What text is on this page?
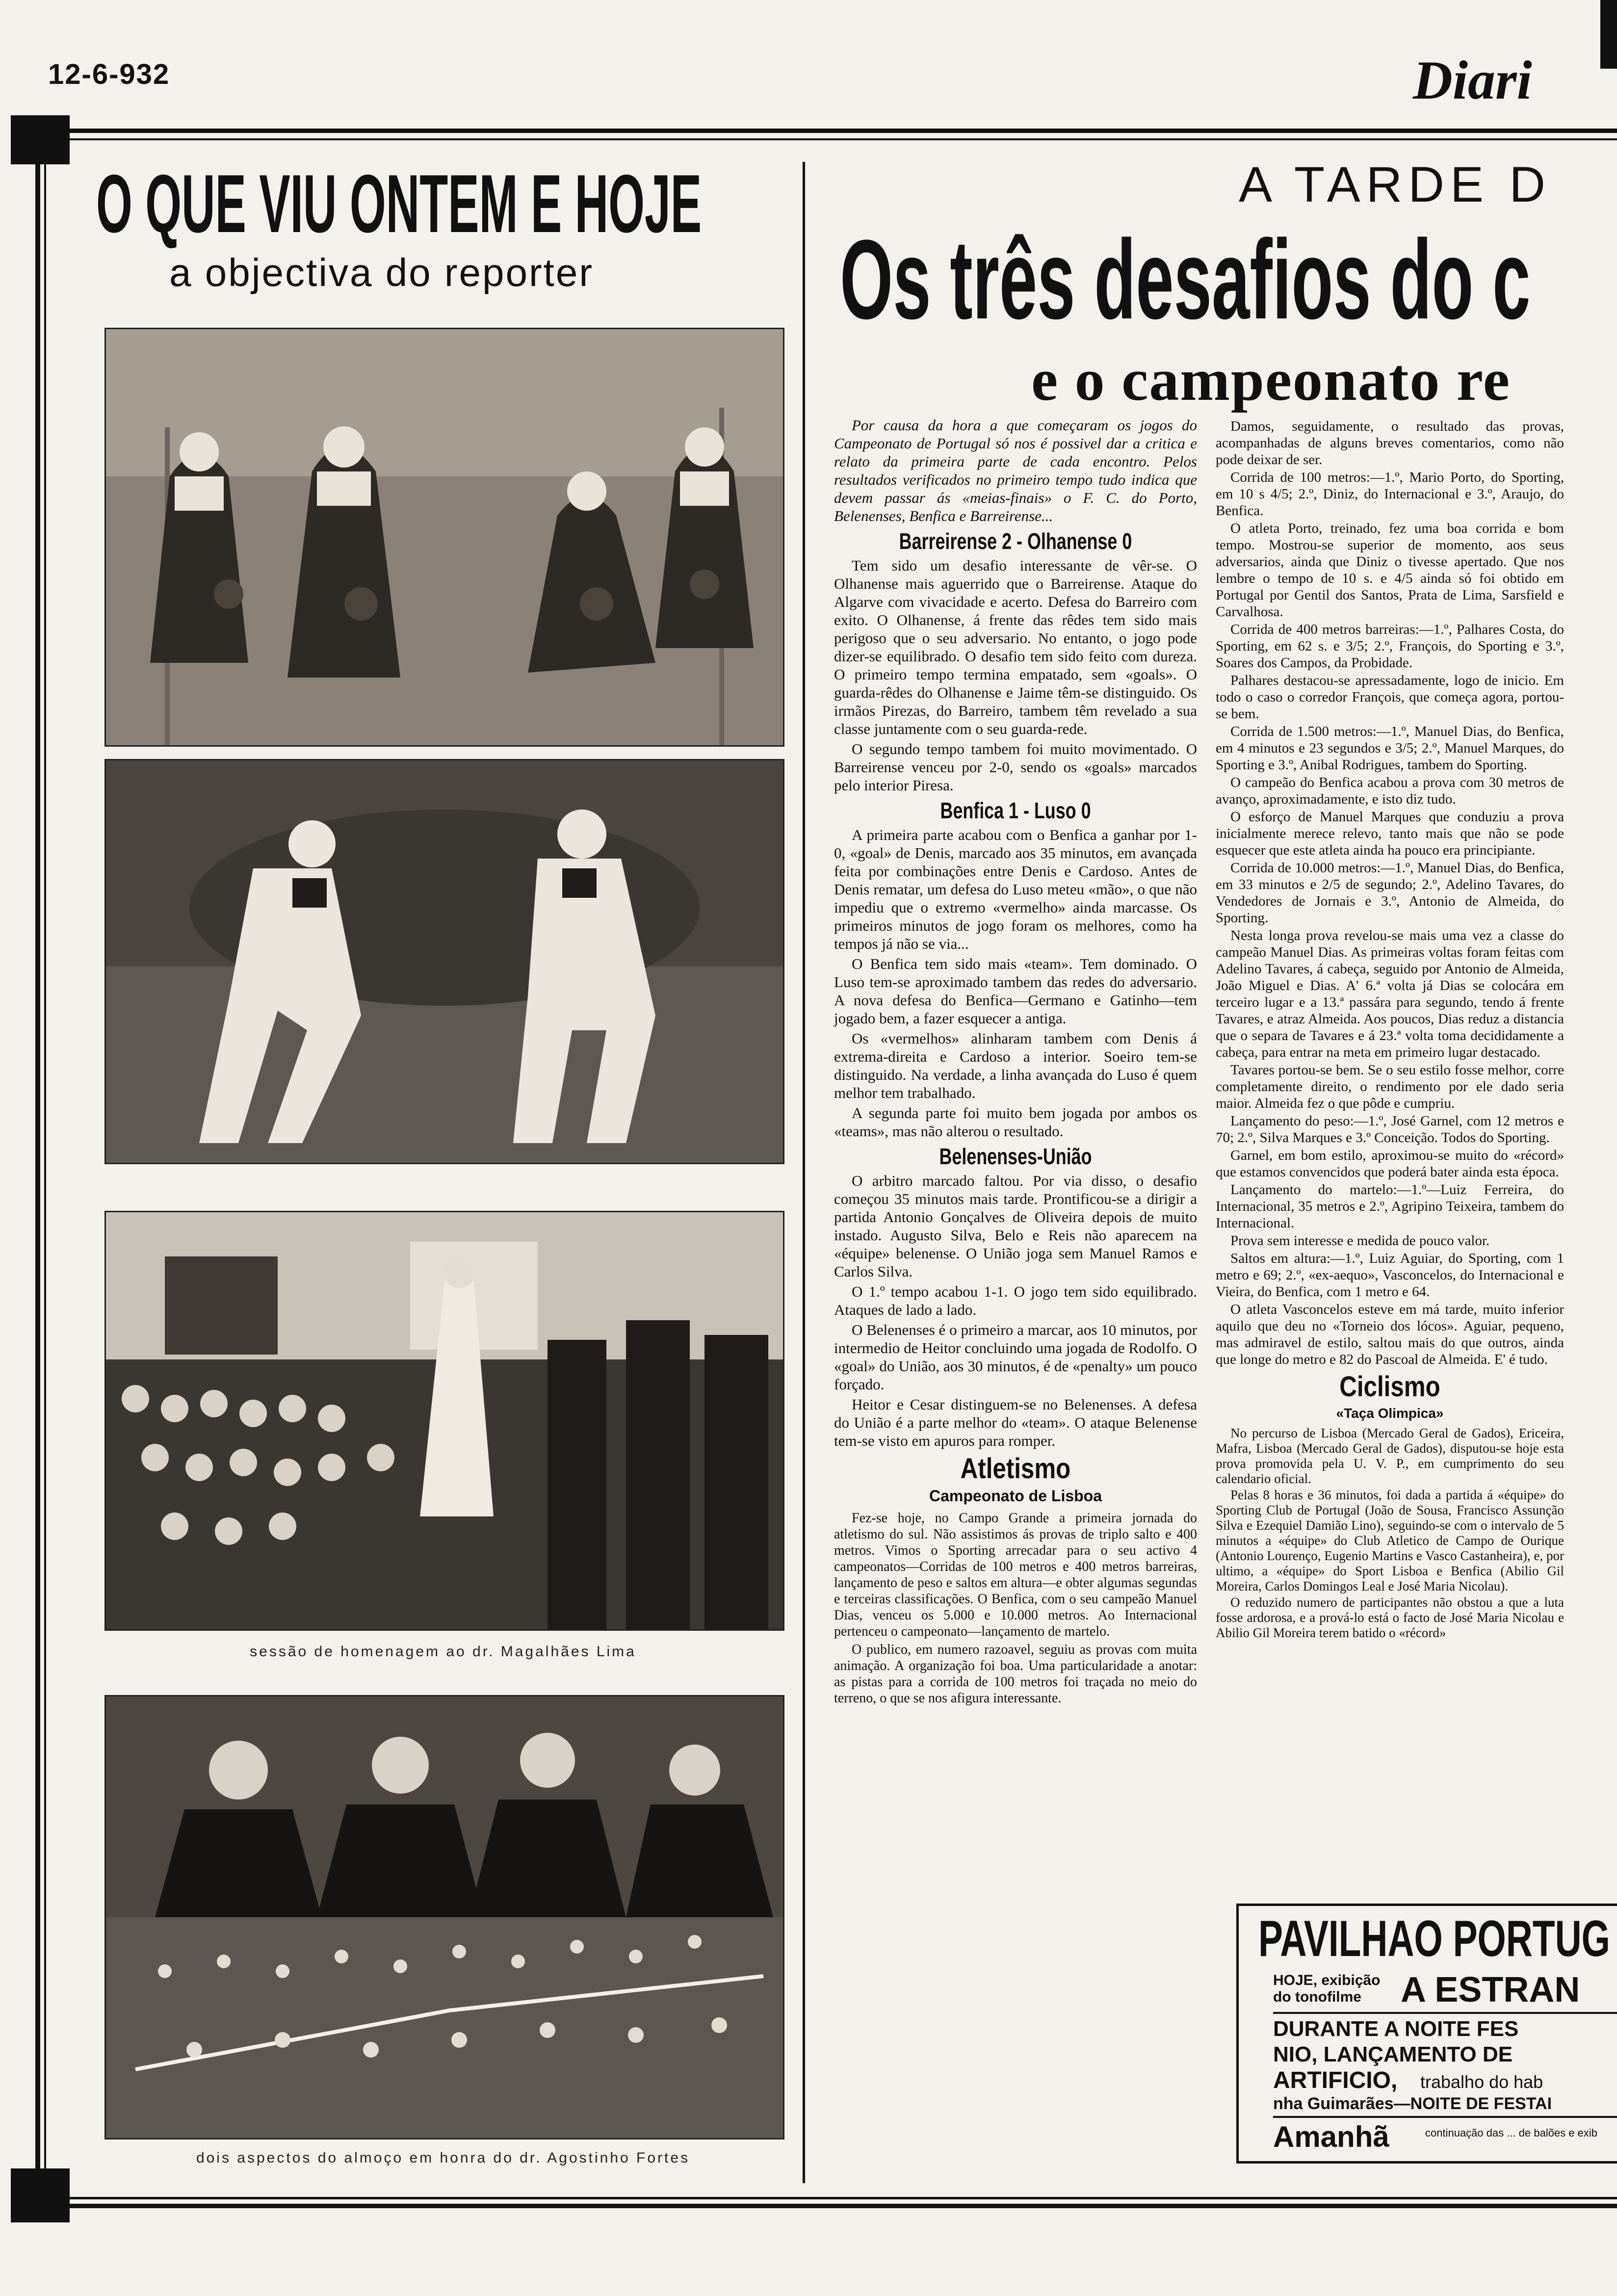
12-6-932	Diari
O QUE VIU ONTEM E HOJE
a objectiva do reporter
sessão de homenagem ao dr. Magalhães Lima
dois aspectos do almoço em honra do dr. Agostinho Fortes
A TARDE D
Os três desafios do c
e o campeonato re

Por causa da hora a que começaram os jogos do Campeonato de Portugal só nos é possivel dar a critica e relato da primeira parte de cada encontro. Pelos resultados verificados no primeiro tempo tudo indica que devem passar ás «meias-finais» o F. C. do Porto, Belenenses, Benfica e Barreirense...

Barreirense 2 - Olhanense 0

Tem sido um desafio interessante de vêr-se. O Olhanense mais aguerrido que o Barreirense. Ataque do Algarve com vivacidade e acerto. Defesa do Barreiro com exito. O Olhanense, á frente das rêdes tem sido mais perigoso que o seu adversario. No entanto, o jogo pode dizer-se equilibrado. O desafio tem sido feito com dureza. O primeiro tempo termina empatado, sem «goals». O guarda-rêdes do Olhanense e Jaime têm-se distinguido. Os irmãos Pirezas, do Barreiro, tambem têm revelado a sua classe juntamente com o seu guarda-rede.

O segundo tempo tambem foi muito movimentado. O Barreirense venceu por 2-0, sendo os «goals» marcados pelo interior Piresa.

Benfica 1 - Luso 0

A primeira parte acabou com o Benfica a ganhar por 1-0, «goal» de Denis, marcado aos 35 minutos, em avançada feita por combinações entre Denis e Cardoso. Antes de Denis rematar, um defesa do Luso meteu «mão», o que não impediu que o extremo «vermelho» ainda marcasse. Os primeiros minutos de jogo foram os melhores, como ha tempos já não se via...

O Benfica tem sido mais «team». Tem dominado. O Luso tem-se aproximado tambem das redes do adversario. A nova defesa do Benfica—Germano e Gatinho—tem jogado bem, a fazer esquecer a antiga.

Os «vermelhos» alinharam tambem com Denis á extrema-direita e Cardoso a interior. Soeiro tem-se distinguido. Na verdade, a linha avançada do Luso é quem melhor tem trabalhado.

A segunda parte foi muito bem jogada por ambos os «teams», mas não alterou o resultado.

Belenenses-União

O arbitro marcado faltou. Por via disso, o desafio começou 35 minutos mais tarde. Prontificou-se a dirigir a partida Antonio Gonçalves de Oliveira depois de muito instado. Augusto Silva, Belo e Reis não aparecem na «équipe» belenense. O União joga sem Manuel Ramos e Carlos Silva.

O 1.º tempo acabou 1-1. O jogo tem sido equilibrado. Ataques de lado a lado.

O Belenenses é o primeiro a marcar, aos 10 minutos, por intermedio de Heitor concluindo uma jogada de Rodolfo. O «goal» do União, aos 30 minutos, é de «penalty» um pouco forçado.

Heitor e Cesar distinguem-se no Belenenses. A defesa do União é a parte melhor do «team». O ataque Belenense tem-se visto em apuros para romper.

Atletismo
Campeonato de Lisboa

Fez-se hoje, no Campo Grande a primeira jornada do atletismo do sul. Não assistimos ás provas de triplo salto e 400 metros. Vimos o Sporting arrecadar para o seu activo 4 campeonatos—Corridas de 100 metros e 400 metros barreiras, lançamento de peso e saltos em altura—e obter algumas segundas e terceiras classificações. O Benfica, com o seu campeão Manuel Dias, venceu os 5.000 e 10.000 metros. Ao Internacional pertenceu o campeonato—lançamento de martelo.

O publico, em numero razoavel, seguiu as provas com muita animação. A organização foi boa. Uma particularidade a anotar: as pistas para a corrida de 100 metros foi traçada no meio do terreno, o que se nos afigura interessante.

Damos, seguidamente, o resultado das provas, acompanhadas de alguns breves comentarios, como não pode deixar de ser.

Corrida de 100 metros:—1.º, Mario Porto, do Sporting, em 10 s 4/5; 2.º, Diniz, do Internacional e 3.º, Araujo, do Benfica.

O atleta Porto, treinado, fez uma boa corrida e bom tempo. Mostrou-se superior de momento, aos seus adversarios, ainda que Diniz o tivesse apertado. Que nos lembre o tempo de 10 s. e 4/5 ainda só foi obtido em Portugal por Gentil dos Santos, Prata de Lima, Sarsfield e Carvalhosa.

Corrida de 400 metros barreiras:—1.º, Palhares Costa, do Sporting, em 62 s. e 3/5; 2.º, François, do Sporting e 3.º, Soares dos Campos, da Probidade.

Palhares destacou-se apressadamente, logo de inicio. Em todo o caso o corredor François, que começa agora, portou-se bem.

Corrida de 1.500 metros:—1.º, Manuel Dias, do Benfica, em 4 minutos e 23 segundos e 3/5; 2.º, Manuel Marques, do Sporting e 3.º, Anibal Rodrigues, tambem do Sporting.

O campeão do Benfica acabou a prova com 30 metros de avanço, aproximadamente, e isto diz tudo.

O esforço de Manuel Marques que conduziu a prova inicialmente merece relevo, tanto mais que não se pode esquecer que este atleta ainda ha pouco era principiante.

Corrida de 10.000 metros:—1.º, Manuel Dias, do Benfica, em 33 minutos e 2/5 de segundo; 2.º, Adelino Tavares, do Vendedores de Jornais e 3.º, Antonio de Almeida, do Sporting.

Nesta longa prova revelou-se mais uma vez a classe do campeão Manuel Dias. As primeiras voltas foram feitas com Adelino Tavares, á cabeça, seguido por Antonio de Almeida, João Miguel e Dias. A' 6.ª volta já Dias se colocára em terceiro lugar e a 13.ª passára para segundo, tendo á frente Tavares, e atraz Almeida. Aos poucos, Dias reduz a distancia que o separa de Tavares e á 23.ª volta toma decididamente a cabeça, para entrar na meta em primeiro lugar destacado.

Tavares portou-se bem. Se o seu estilo fosse melhor, corre completamente direito, o rendimento por ele dado seria maior. Almeida fez o que pôde e cumpriu.

Lançamento do peso:—1.º, José Garnel, com 12 metros e 70; 2.º, Silva Marques e 3.º Conceição. Todos do Sporting.

Garnel, em bom estilo, aproximou-se muito do «récord» que estamos convencidos que poderá bater ainda esta época.

Lançamento do martelo:—1.º—Luiz Ferreira, do Internacional, 35 metros e 2.º, Agripino Teixeira, tambem do Internacional.

Prova sem interesse e medida de pouco valor.

Saltos em altura:—1.º, Luiz Aguiar, do Sporting, com 1 metro e 69; 2.º, «ex-aequo», Vasconcelos, do Internacional e Vieira, do Benfica, com 1 metro e 64.

O atleta Vasconcelos esteve em má tarde, muito inferior aquilo que deu no «Torneio dos lócos». Aguiar, pequeno, mas admiravel de estilo, saltou mais do que outros, ainda que longe do metro e 82 do Pascoal de Almeida. E' é tudo.

Ciclismo
«Taça Olimpica»

No percurso de Lisboa (Mercado Geral de Gados), Ericeira, Mafra, Lisboa (Mercado Geral de Gados), disputou-se hoje esta prova promovida pela U. V. P., em cumprimento do seu calendario oficial.

Pelas 8 horas e 36 minutos, foi dada a partida á «équipe» do Sporting Club de Portugal (João de Sousa, Francisco Assunção Silva e Ezequiel Damião Lino), seguindo-se com o intervalo de 5 minutos a «équipe» do Club Atletico de Campo de Ourique (Antonio Lourenço, Eugenio Martins e Vasco Castanheira), e, por ultimo, a «équipe» do Sport Lisboa e Benfica (Abilio Gil Moreira, Carlos Domingos Leal e José Maria Nicolau).

O reduzido numero de participantes não obstou a que a luta fosse ardorosa, e a prová-lo está o facto de José Maria Nicolau e Abilio Gil Moreira terem batido o «récord»

PAVILHAO PORTUG
HOJE, exibição do tonofilme	A ESTRAN
DURANTE A NOITE FES
NIO, LANÇAMENTO DE
ARTIFICIO, trabalho do hab
nha Guimarães—NOITE DE FESTAI
Amanhã	continuação das ... de balões e exib
